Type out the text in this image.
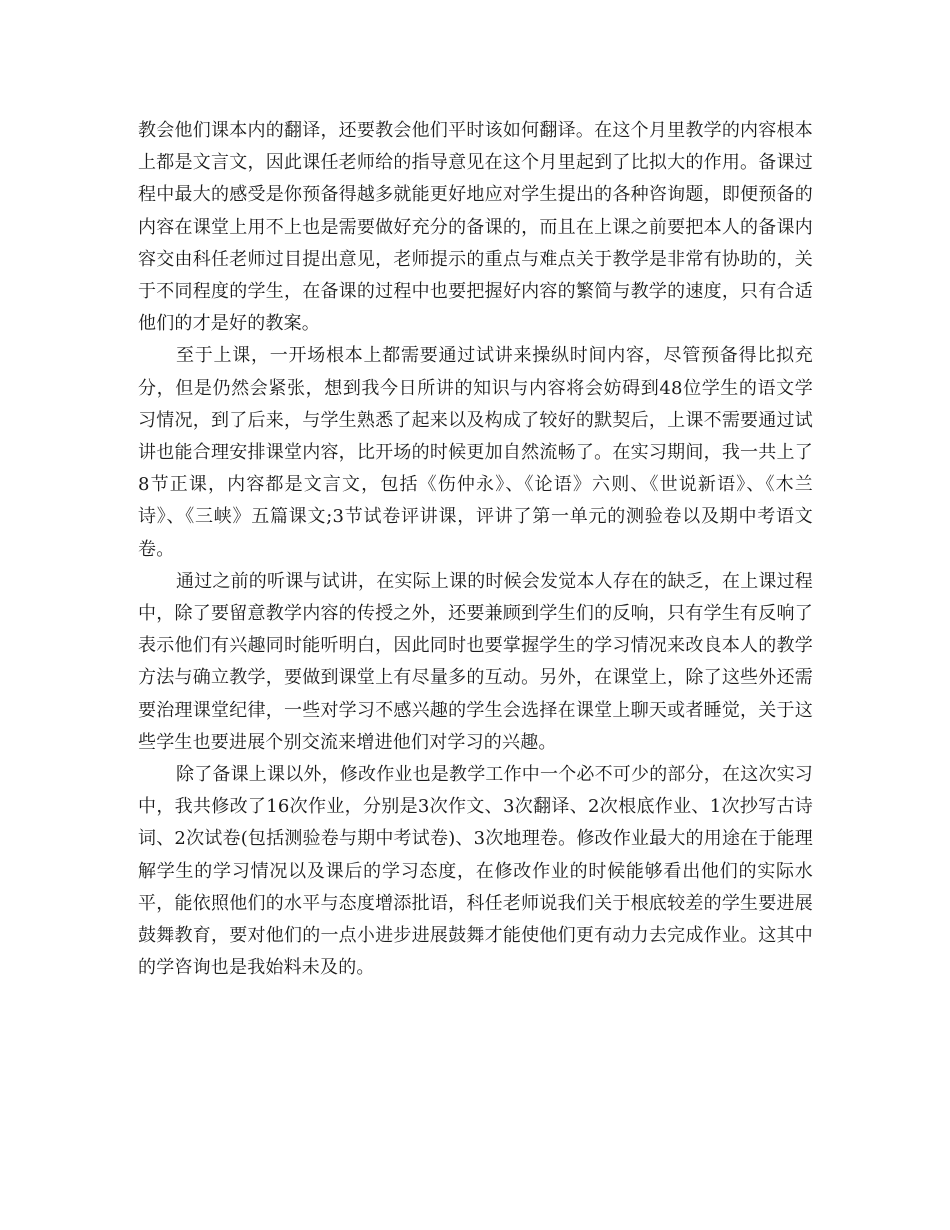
教会他们课本内的翻译，还要教会他们平时该如何翻译。在这个月里教学的内容根本上都是文言文，因此课任老师给的指导意见在这个月里起到了比拟大的作用。备课过程中最大的感受是你预备得越多就能更好地应对学生提出的各种咨询题，即便预备的内容在课堂上用不上也是需要做好充分的备课的，而且在上课之前要把本人的备课内容交由科任老师过目提出意见，老师提示的重点与难点关于教学是非常有协助的，关于不同程度的学生，在备课的过程中也要把握好内容的繁简与教学的速度，只有合适他们的才是好的教案。

至于上课，一开场根本上都需要通过试讲来操纵时间内容，尽管预备得比拟充分，但是仍然会紧张，想到我今日所讲的知识与内容将会妨碍到48位学生的语文学习情况，到了后来，与学生熟悉了起来以及构成了较好的默契后，上课不需要通过试讲也能合理安排课堂内容，比开场的时候更加自然流畅了。在实习期间，我一共上了8节正课，内容都是文言文，包括《伤仲永》、《论语》六则、《世说新语》、《木兰诗》、《三峡》五篇课文;3节试卷评讲课，评讲了第一单元的测验卷以及期中考语文卷。

通过之前的听课与试讲，在实际上课的时候会发觉本人存在的缺乏，在上课过程中，除了要留意教学内容的传授之外，还要兼顾到学生们的反响，只有学生有反响了表示他们有兴趣同时能听明白，因此同时也要掌握学生的学习情况来改良本人的教学方法与确立教学，要做到课堂上有尽量多的互动。另外，在课堂上，除了这些外还需要治理课堂纪律，一些对学习不感兴趣的学生会选择在课堂上聊天或者睡觉，关于这些学生也要进展个别交流来增进他们对学习的兴趣。

除了备课上课以外，修改作业也是教学工作中一个必不可少的部分，在这次实习中，我共修改了16次作业，分别是3次作文、3次翻译、2次根底作业、1次抄写古诗词、2次试卷(包括测验卷与期中考试卷)、3次地理卷。修改作业最大的用途在于能理解学生的学习情况以及课后的学习态度，在修改作业的时候能够看出他们的实际水平，能依照他们的水平与态度增添批语，科任老师说我们关于根底较差的学生要进展鼓舞教育，要对他们的一点小进步进展鼓舞才能使他们更有动力去完成作业。这其中的学咨询也是我始料未及的。
